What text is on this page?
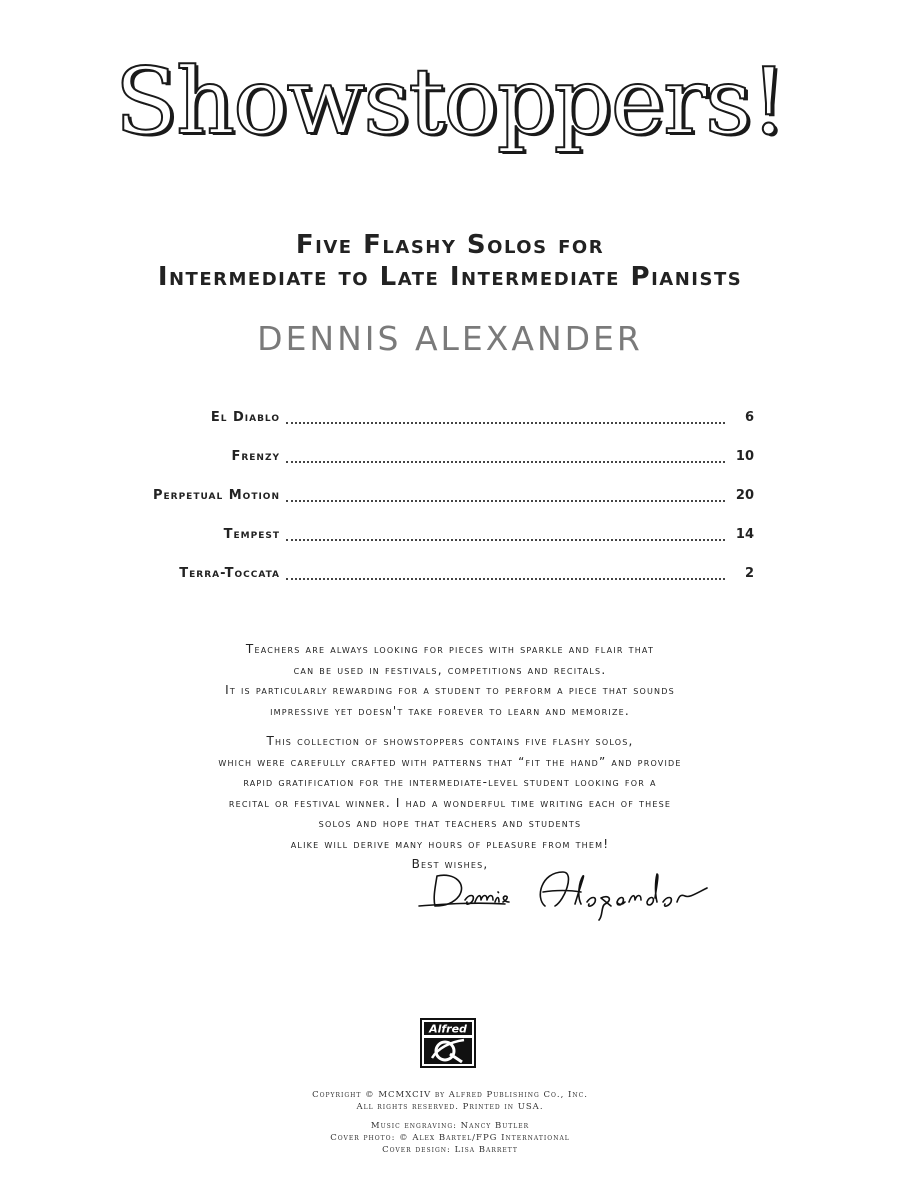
Showstoppers!
Five Flashy Solos for
Intermediate to Late Intermediate Pianists
DENNIS ALEXANDER
El Diablo	6
Frenzy	10
Perpetual Motion	20
Tempest	14
Terra-Toccata	2
Teachers are always looking for pieces with sparkle and flair that
can be used in festivals, competitions and recitals.
It is particularly rewarding for a student to perform a piece that sounds
impressive yet doesn't take forever to learn and memorize.
This collection of showstoppers contains five flashy solos,
which were carefully crafted with patterns that “fit the hand” and provide
rapid gratification for the intermediate-level student looking for a
recital or festival winner. I had a wonderful time writing each of these
solos and hope that teachers and students
alike will derive many hours of pleasure from them!
Best wishes,
Alfred
Copyright © MCMXCIV by Alfred Publishing Co., Inc.
All rights reserved. Printed in USA.
Music engraving: Nancy Butler
Cover photo: © Alex Bartel/FPG International
Cover design: Lisa Barrett
